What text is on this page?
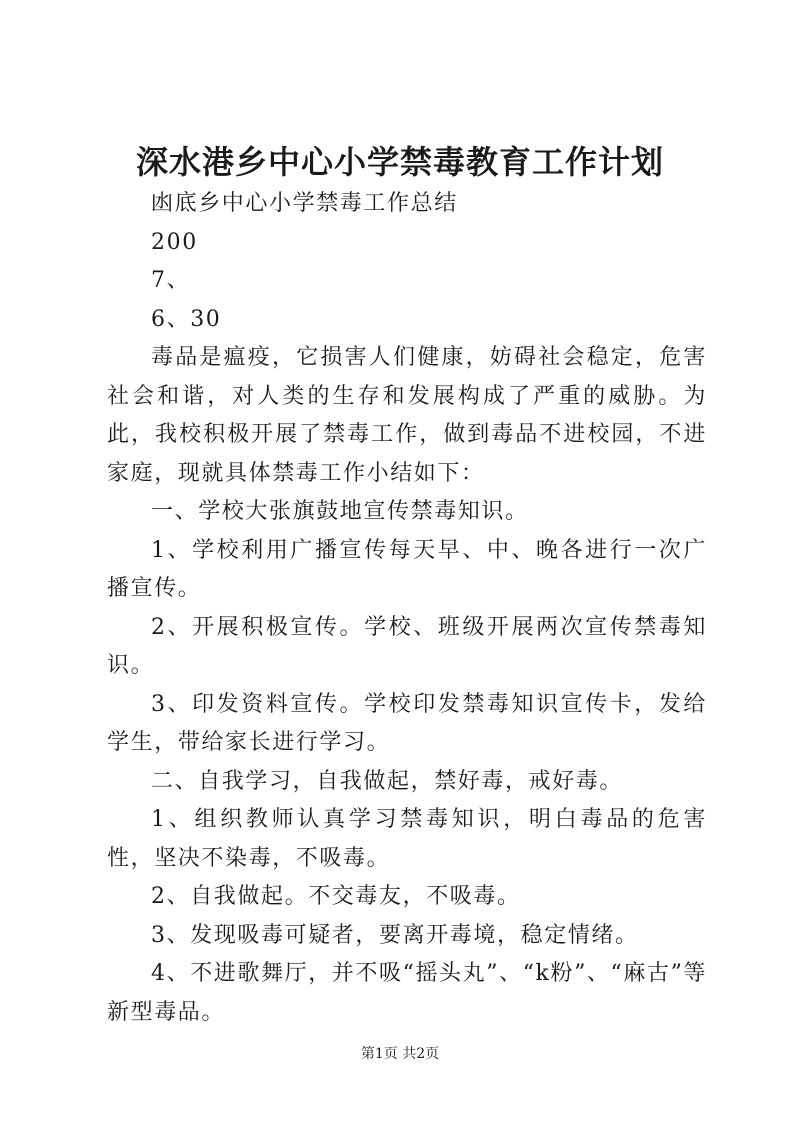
深水港乡中心小学禁毒教育工作计划

凼底乡中心小学禁毒工作总结

200

7、

6、30

毒品是瘟疫，它损害人们健康，妨碍社会稳定，危害社会和谐，对人类的生存和发展构成了严重的威胁。为此，我校积极开展了禁毒工作，做到毒品不进校园，不进家庭，现就具体禁毒工作小结如下：

一、学校大张旗鼓地宣传禁毒知识。

1、学校利用广播宣传每天早、中、晚各进行一次广播宣传。

2、开展积极宣传。学校、班级开展两次宣传禁毒知识。

3、印发资料宣传。学校印发禁毒知识宣传卡，发给学生，带给家长进行学习。

二、自我学习，自我做起，禁好毒，戒好毒。

1、组织教师认真学习禁毒知识，明白毒品的危害性，坚决不染毒，不吸毒。

2、自我做起。不交毒友，不吸毒。

3、发现吸毒可疑者，要离开毒境，稳定情绪。

4、不进歌舞厅，并不吸“摇头丸”、“k粉”、“麻古”等新型毒品。

第1页 共2页
